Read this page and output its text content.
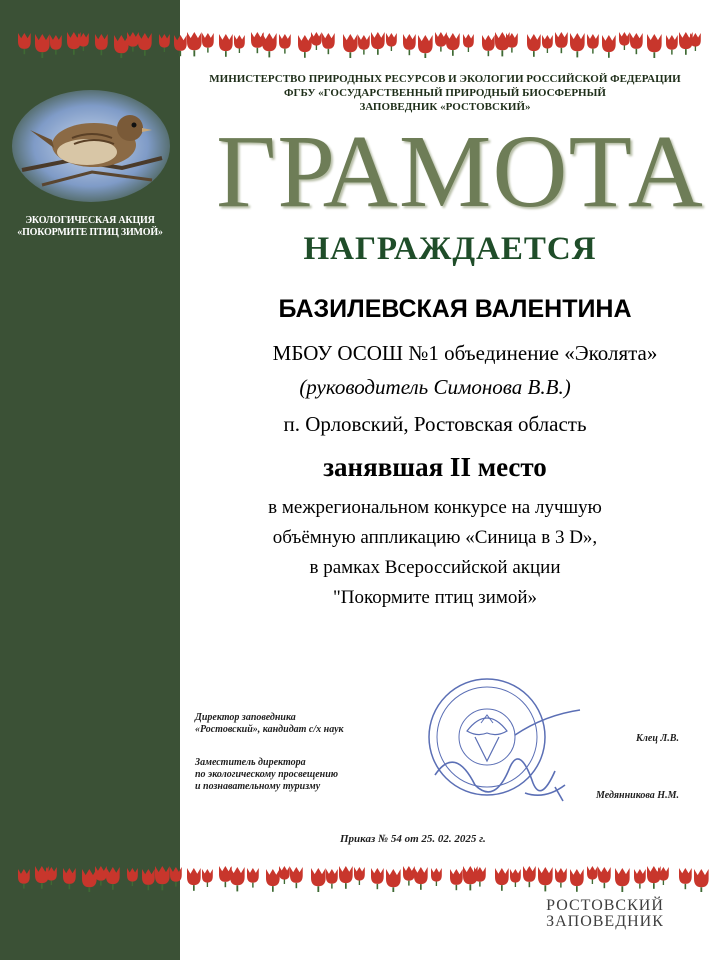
ЭКОЛОГИЧЕСКАЯ АКЦИЯ
«ПОКОРМИТЕ ПТИЦ ЗИМОЙ»
МИНИСТЕРСТВО ПРИРОДНЫХ РЕСУРСОВ И ЭКОЛОГИИ РОССИЙСКОЙ ФЕДЕРАЦИИ
ФГБУ «ГОСУДАРСТВЕННЫЙ ПРИРОДНЫЙ БИОСФЕРНЫЙ
ЗАПОВЕДНИК «РОСТОВСКИЙ»
ГРАМОТА
НАГРАЖДАЕТСЯ
БАЗИЛЕВСКАЯ ВАЛЕНТИНА
МБОУ ОСОШ №1 объединение «Эколята»
(руководитель Симонова В.В.)
п. Орловский, Ростовская область
занявшая II место
в межрегиональном конкурсе на лучшую
объёмную аппликацию «Синица в 3 D»,
в рамках Всероссийской акции
"Покормите птиц зимой»
Директор заповедника
«Ростовский», кандидат с/х наук
Заместитель директора
по экологическому просвещению
и познавательному туризму
Клец Л.В.
Медянникова Н.М.
Приказ № 54 от 25. 02. 2025 г.
РОСТОВСКИЙ
ЗАПОВЕДНИК
